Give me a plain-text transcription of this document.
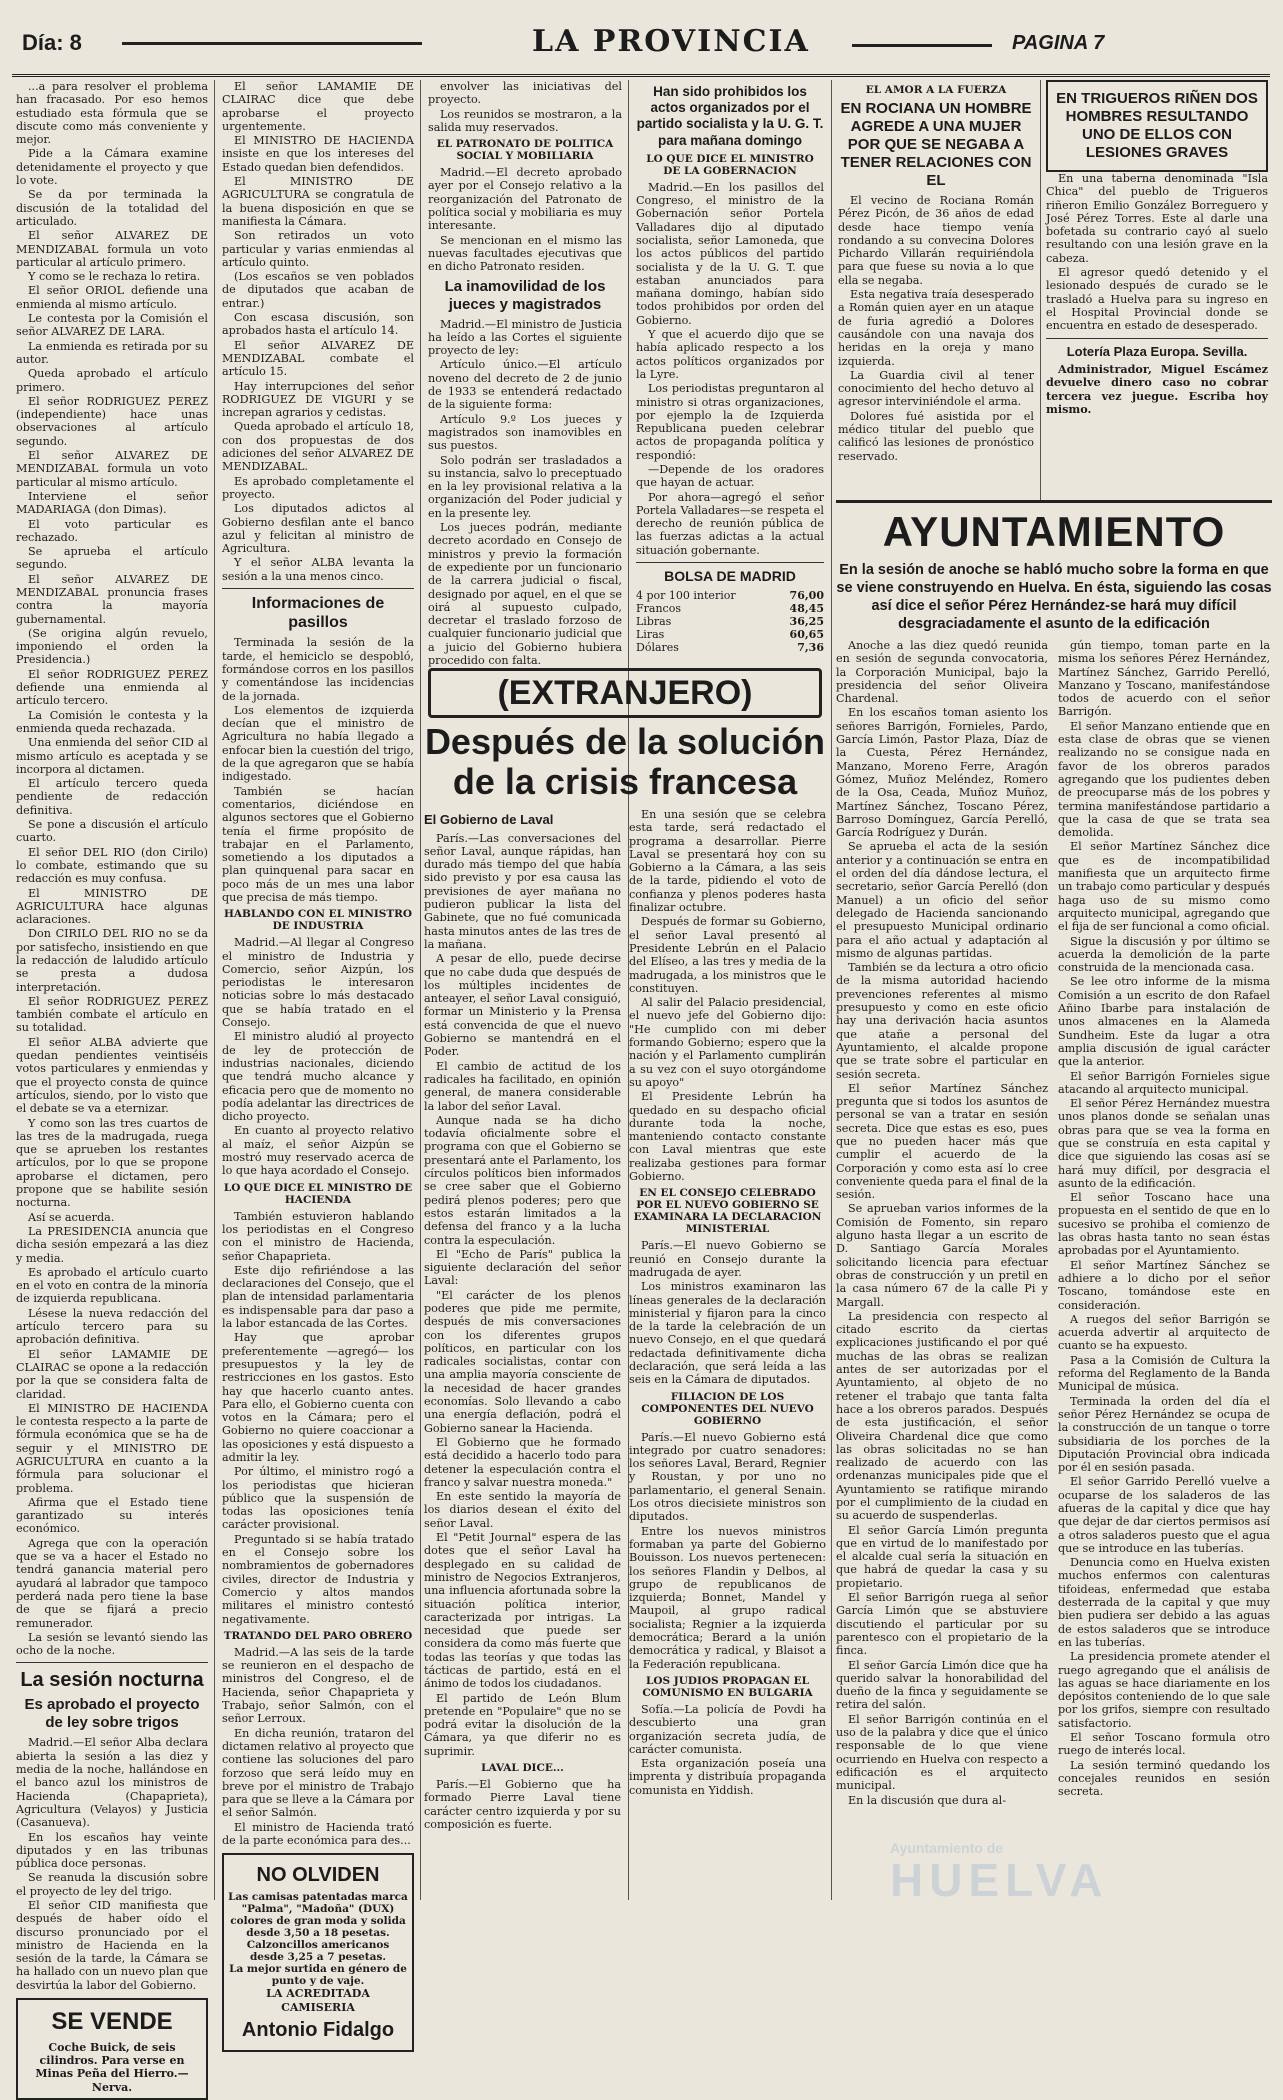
Día: 8	LA PROVINCIA	PAGINA 7

...a para resolver el problema han fracasado. Por eso hemos estudiado esta fórmula que se discute como más conveniente y mejor.

Pide a la Cámara examine detenidamente el proyecto y que lo vote.

Se da por terminada la discusión de la totalidad del articulado.

El señor ALVAREZ DE MENDIZABAL formula un voto particular al artículo primero.

Y como se le rechaza lo retira.

El señor ORIOL defiende una enmienda al mismo artículo.

Le contesta por la Comisión el señor ALVAREZ DE LARA.

La enmienda es retirada por su autor.

Queda aprobado el artículo primero.

El señor RODRIGUEZ PEREZ (independiente) hace unas observaciones al artículo segundo.

El señor ALVAREZ DE MENDIZABAL formula un voto particular al mismo artículo.

Interviene el señor MADARIAGA (don Dimas).

El voto particular es rechazado.

Se aprueba el artículo segundo.

El señor ALVAREZ DE MENDIZABAL pronuncia frases contra la mayoría gubernamental.

(Se origina algún revuelo, imponiendo el orden la Presidencia.)

El señor RODRIGUEZ PEREZ defiende una enmienda al artículo tercero.

La Comisión le contesta y la enmienda queda rechazada.

Una enmienda del señor CID al mismo artículo es aceptada y se incorpora al dictamen.

El artículo tercero queda pendiente de redacción definitiva.

Se pone a discusión el artículo cuarto.

El señor DEL RIO (don Cirilo) lo combate, estimando que su redacción es muy confusa.

El MINISTRO DE AGRICULTURA hace algunas aclaraciones.

Don CIRILO DEL RIO no se da por satisfecho, insistiendo en que la redacción de laludido artículo se presta a dudosa interpretación.

El señor RODRIGUEZ PEREZ también combate el artículo en su totalidad.

El señor ALBA advierte que quedan pendientes veintiséis votos particulares y enmiendas y que el proyecto consta de quince artículos, siendo, por lo visto que el debate se va a eternizar.

Y como son las tres cuartos de las tres de la madrugada, ruega que se aprueben los restantes artículos, por lo que se propone aprobarse el dictamen, pero propone que se habilite sesión nocturna.

Así se acuerda.

La PRESIDENCIA anuncia que dicha sesión empezará a las diez y media.

Es aprobado el artículo cuarto en el voto en contra de la minoría de izquierda republicana.

Lésese la nueva redacción del artículo tercero para su aprobación definitiva.

El señor LAMAMIE DE CLAIRAC se opone a la redacción por la que se considera falta de claridad.

El MINISTRO DE HACIENDA le contesta respecto a la parte de fórmula económica que se ha de seguir y el MINISTRO DE AGRICULTURA en cuanto a la fórmula para solucionar el problema.

Afirma que el Estado tiene garantizado su interés económico.

Agrega que con la operación que se va a hacer el Estado no tendrá ganancia material pero ayudará al labrador que tampoco perderá nada pero tiene la base de que se fijará a precio remunerador.

La sesión se levantó siendo las ocho de la noche.

La sesión nocturna
Es aprobado el proyecto de ley sobre trigos

Madrid.—El señor Alba declara abierta la sesión a las diez y media de la noche, hallándose en el banco azul los ministros de Hacienda (Chapaprieta), Agricultura (Velayos) y Justicia (Casanueva).

En los escaños hay veinte diputados y en las tribunas pública doce personas.

Se reanuda la discusión sobre el proyecto de ley del trigo.

El señor CID manifiesta que después de haber oído el discurso pronunciado por el ministro de Hacienda en la sesión de la tarde, la Cámara se ha hallado con un nuevo plan que desvirtúa la labor del Gobierno.

SE VENDE
Coche Buick, de seis cilindros. Para verse en Minas Peña del Hierro.—Nerva.

El señor LAMAMIE DE CLAIRAC dice que debe aprobarse el proyecto urgentemente.

El MINISTRO DE HACIENDA insiste en que los intereses del Estado quedan bien defendidos.

El MINISTRO DE AGRICULTURA se congratula de la buena disposición en que se manifiesta la Cámara.

Son retirados un voto particular y varias enmiendas al artículo quinto.

(Los escaños se ven poblados de diputados que acaban de entrar.)

Con escasa discusión, son aprobados hasta el artículo 14.

El señor ALVAREZ DE MENDIZABAL combate el artículo 15.

Hay interrupciones del señor RODRIGUEZ DE VIGURI y se increpan agrarios y cedistas.

Queda aprobado el artículo 18, con dos propuestas de dos adiciones del señor ALVAREZ DE MENDIZABAL.

Es aprobado completamente el proyecto.

Los diputados adictos al Gobierno desfilan ante el banco azul y felicitan al ministro de Agricultura.

Y el señor ALBA levanta la sesión a la una menos cinco.

Informaciones de pasillos

Terminada la sesión de la tarde, el hemiciclo se despobló, formándose corros en los pasillos y comentándose las incidencias de la jornada.

Los elementos de izquierda decían que el ministro de Agricultura no había llegado a enfocar bien la cuestión del trigo, de la que agregaron que se había indigestado.

También se hacían comentarios, diciéndose en algunos sectores que el Gobierno tenía el firme propósito de trabajar en el Parlamento, sometiendo a los diputados a plan quinquenal para sacar en poco más de un mes una labor que precisa de más tiempo.

HABLANDO CON EL MINISTRO DE INDUSTRIA

Madrid.—Al llegar al Congreso el ministro de Industria y Comercio, señor Aizpún, los periodistas le interesaron noticias sobre lo más destacado que se había tratado en el Consejo.

El ministro aludió al proyecto de ley de protección de industrias nacionales, diciendo que tendrá mucho alcance y eficacia pero que de momento no podía adelantar las directrices de dicho proyecto.

En cuanto al proyecto relativo al maíz, el señor Aizpún se mostró muy reservado acerca de lo que haya acordado el Consejo.

LO QUE DICE EL MINISTRO DE HACIENDA

También estuvieron hablando los periodistas en el Congreso con el ministro de Hacienda, señor Chapaprieta.

Este dijo refiriéndose a las declaraciones del Consejo, que el plan de intensidad parlamentaria es indispensable para dar paso a la labor estancada de las Cortes.

Hay que aprobar preferentemente —agregó— los presupuestos y la ley de restricciones en los gastos. Esto hay que hacerlo cuanto antes. Para ello, el Gobierno cuenta con votos en la Cámara; pero el Gobierno no quiere coaccionar a las oposiciones y está dispuesto a admitir la ley.

Por último, el ministro rogó a los periodistas que hicieran público que la suspensión de todas las oposiciones tenía carácter provisional.

Preguntado si se había tratado en el Consejo sobre los nombramientos de gobernadores civiles, director de Industria y Comercio y altos mandos militares el ministro contestó negativamente.

TRATANDO DEL PARO OBRERO

Madrid.—A las seis de la tarde se reunieron en el despacho de ministros del Congreso, el de Hacienda, señor Chapaprieta y Trabajo, señor Salmón, con el señor Lerroux.

En dicha reunión, trataron del dictamen relativo al proyecto que contiene las soluciones del paro forzoso que será leído muy en breve por el ministro de Trabajo para que se lleve a la Cámara por el señor Salmón.

El ministro de Hacienda trató de la parte económica para des...

NO OLVIDEN
Las camisas patentadas marca "Palma", "Madoña" (DUX) colores de gran moda y solida desde 3,50 a 18 pesetas.
Calzoncillos americanos desde 3,25 a 7 pesetas.
La mejor surtida en género de punto y de vaje.
LA ACREDITADA CAMISERIA
Antonio Fidalgo

envolver las iniciativas del proyecto.

Los reunidos se mostraron, a la salida muy reservados.

EL PATRONATO DE POLITICA SOCIAL Y MOBILIARIA

Madrid.—El decreto aprobado ayer por el Consejo relativo a la reorganización del Patronato de política social y mobiliaria es muy interesante.

Se mencionan en el mismo las nuevas facultades ejecutivas que en dicho Patronato residen.

La inamovilidad de los jueces y magistrados

Madrid.—El ministro de Justicia ha leído a las Cortes el siguiente proyecto de ley:

Artículo único.—El artículo noveno del decreto de 2 de junio de 1933 se entenderá redactado de la siguiente forma:

Artículo 9.º Los jueces y magistrados son inamovibles en sus puestos.

Solo podrán ser trasladados a su instancia, salvo lo preceptuado en la ley provisional relativa a la organización del Poder judicial y en la presente ley.

Los jueces podrán, mediante decreto acordado en Consejo de ministros y previo la formación de expediente por un funcionario de la carrera judicial o fiscal, designado por aquel, en el que se oirá al supuesto culpado, decretar el traslado forzoso de cualquier funcionario judicial que a juicio del Gobierno hubiera procedido con falta.

Han sido prohibidos los actos organizados por el partido socialista y la U. G. T. para mañana domingo
LO QUE DICE EL MINISTRO DE LA GOBERNACION

Madrid.—En los pasillos del Congreso, el ministro de la Gobernación señor Portela Valladares dijo al diputado socialista, señor Lamoneda, que los actos públicos del partido socialista y de la U. G. T. que estaban anunciados para mañana domingo, habían sido todos prohibidos por orden del Gobierno.

Y que el acuerdo dijo que se había aplicado respecto a los actos políticos organizados por la Lyre.

Los periodistas preguntaron al ministro si otras organizaciones, por ejemplo la de Izquierda Republicana pueden celebrar actos de propaganda política y respondió:

—Depende de los oradores que hayan de actuar.

Por ahora—agregó el señor Portela Valladares—se respeta el derecho de reunión pública de las fuerzas adictas a la actual situación gobernante.

BOLSA DE MADRID
4 por 100 interior	76,00
Francos	48,45
Libras	36,25
Liras	60,65
Dólares	7,36
(EXTRANJERO)
Después de la solución de la crisis francesa
El Gobierno de Laval

París.—Las conversaciones del señor Laval, aunque rápidas, han durado más tiempo del que había sido previsto y por esa causa las previsiones de ayer mañana no pudieron publicar la lista del Gabinete, que no fué comunicada hasta minutos antes de las tres de la mañana.

A pesar de ello, puede decirse que no cabe duda que después de los múltiples incidentes de anteayer, el señor Laval consiguió, formar un Ministerio y la Prensa está convencida de que el nuevo Gobierno se mantendrá en el Poder.

El cambio de actitud de los radicales ha facilitado, en opinión general, de manera considerable la labor del señor Laval.

Aunque nada se ha dicho todavía oficialmente sobre el programa con que el Gobierno se presentará ante el Parlamento, los círculos políticos bien informados se cree saber que el Gobierno pedirá plenos poderes; pero que estos estarán limitados a la defensa del franco y a la lucha contra la especulación.

El "Echo de París" publica la siguiente declaración del señor Laval:

"El carácter de los plenos poderes que pide me permite, después de mis conversaciones con los diferentes grupos políticos, en particular con los radicales socialistas, contar con una amplia mayoría consciente de la necesidad de hacer grandes economías. Solo llevando a cabo una energía deflación, podrá el Gobierno sanear la Hacienda.

El Gobierno que he formado está decidido a hacerlo todo para detener la especulación contra el franco y salvar nuestra moneda."

En este sentido la mayoría de los diarios desean el éxito del señor Laval.

El "Petit Journal" espera de las dotes que el señor Laval ha desplegado en su calidad de ministro de Negocios Extranjeros, una influencia afortunada sobre la situación política interior, caracterizada por intrigas. La necesidad que puede ser considera da como más fuerte que todas las teorías y que todas las tácticas de partido, está en el ánimo de todos los ciudadanos.

El partido de León Blum pretende en "Populaire" que no se podrá evitar la disolución de la Cámara, ya que diferir no es suprimir.

LAVAL DICE...

París.—El Gobierno que ha formado Pierre Laval tiene carácter centro izquierda y por su composición es fuerte.

En una sesión que se celebra esta tarde, será redactado el programa a desarrollar. Pierre Laval se presentará hoy con su Gobierno a la Cámara, a las seis de la tarde, pidiendo el voto de confianza y plenos poderes hasta finalizar octubre.

Después de formar su Gobierno, el señor Laval presentó al Presidente Lebrún en el Palacio del Elíseo, a las tres y media de la madrugada, a los ministros que le constituyen.

Al salir del Palacio presidencial, el nuevo jefe del Gobierno dijo: "He cumplido con mi deber formando Gobierno; espero que la nación y el Parlamento cumplirán a su vez con el suyo otorgándome su apoyo"

El Presidente Lebrún ha quedado en su despacho oficial durante toda la noche, manteniendo contacto constante con Laval mientras que este realizaba gestiones para formar Gobierno.

EN EL CONSEJO CELEBRADO POR EL NUEVO GOBIERNO SE EXAMINARA LA DECLARACION MINISTERIAL

París.—El nuevo Gobierno se reunió en Consejo durante la madrugada de ayer.

Los ministros examinaron las líneas generales de la declaración ministerial y fijaron para la cinco de la tarde la celebración de un nuevo Consejo, en el que quedará redactada definitivamente dicha declaración, que será leída a las seis en la Cámara de diputados.

FILIACION DE LOS COMPONENTES DEL NUEVO GOBIERNO

París.—El nuevo Gobierno está integrado por cuatro senadores: los señores Laval, Berard, Regnier y Roustan, y por uno no parlamentario, el general Senain. Los otros diecisiete ministros son diputados.

Entre los nuevos ministros formaban ya parte del Gobierno Bouisson. Los nuevos pertenecen: los señores Flandin y Delbos, al grupo de republicanos de izquierda; Bonnet, Mandel y Maupoil, al grupo radical socialista; Regnier a la izquierda democrática; Berard a la unión democrática y radical, y Blaisot a la Federación republicana.

LOS JUDIOS PROPAGAN EL COMUNISMO EN BULGARIA

Sofía.—La policía de Povdi ha descubierto una gran organización secreta judía, de carácter comunista.

Esta organización poseía una imprenta y distribuía propaganda comunista en Yiddish.

EL AMOR A LA FUERZA
EN ROCIANA UN HOMBRE AGREDE A UNA MUJER POR QUE SE NEGABA A TENER RELACIONES CON EL

El vecino de Rociana Román Pérez Picón, de 36 años de edad desde hace tiempo venía rondando a su convecina Dolores Pichardo Villarán requiriéndola para que fuese su novia a lo que ella se negaba.

Esta negativa traía desesperado a Román quien ayer en un ataque de furia agredió a Dolores causándole con una navaja dos heridas en la oreja y mano izquierda.

La Guardia civil al tener conocimiento del hecho detuvo al agresor interviniéndole el arma.

Dolores fué asistida por el médico titular del pueblo que calificó las lesiones de pronóstico reservado.

EN TRIGUEROS RIÑEN DOS HOMBRES RESULTANDO UNO DE ELLOS CON LESIONES GRAVES

En una taberna denominada "Isla Chica" del pueblo de Trigueros riñeron Emilio González Borreguero y José Pérez Torres. Este al darle una bofetada su contrario cayó al suelo resultando con una lesión grave en la cabeza.

El agresor quedó detenido y el lesionado después de curado se le trasladó a Huelva para su ingreso en el Hospital Provincial donde se encuentra en estado de desesperado.

Lotería Plaza Europa. Sevilla.

Administrador, Miguel Escámez devuelve dinero caso no cobrar tercera vez juegue. Escriba hoy mismo.

AYUNTAMIENTO
En la sesión de anoche se habló mucho sobre la forma en que se viene construyendo en Huelva. En ésta, siguiendo las cosas así dice el señor Pérez Hernández-se hará muy difícil desgraciadamente el asunto de la edificación

Anoche a las diez quedó reunida en sesión de segunda convocatoria, la Corporación Municipal, bajo la presidencia del señor Oliveira Chardenal.

En los escaños toman asiento los señores Barrigón, Fornieles, Pardo, García Limón, Pastor Plaza, Díaz de la Cuesta, Pérez Hernández, Manzano, Moreno Ferre, Aragón Gómez, Muñoz Meléndez, Romero de la Osa, Ceada, Muñoz Muñoz, Martínez Sánchez, Toscano Pérez, Barroso Domínguez, García Perelló, García Rodríguez y Durán.

Se aprueba el acta de la sesión anterior y a continuación se entra en el orden del día dándose lectura, el secretario, señor García Perelló (don Manuel) a un oficio del señor delegado de Hacienda sancionando el presupuesto Municipal ordinario para el año actual y adaptación al mismo de algunas partidas.

También se da lectura a otro oficio de la misma autoridad haciendo prevenciones referentes al mismo presupuesto y como en este oficio hay una derivación hacia asuntos que atañe a personal del Ayuntamiento, el alcalde propone que se trate sobre el particular en sesión secreta.

El señor Martínez Sánchez pregunta que si todos los asuntos de personal se van a tratar en sesión secreta. Dice que estas es eso, pues que no pueden hacer más que cumplir el acuerdo de la Corporación y como esta así lo cree conveniente queda para el final de la sesión.

Se aprueban varios informes de la Comisión de Fomento, sin reparo alguno hasta llegar a un escrito de D. Santiago García Morales solicitando licencia para efectuar obras de construcción y un pretil en la casa número 67 de la calle Pi y Margall.

La presidencia con respecto al citado escrito da ciertas explicaciones justificando el por qué muchas de las obras se realizan antes de ser autorizadas por el Ayuntamiento, al objeto de no retener el trabajo que tanta falta hace a los obreros parados. Después de esta justificación, el señor Oliveira Chardenal dice que como las obras solicitadas no se han realizado de acuerdo con las ordenanzas municipales pide que el Ayuntamiento se ratifique mirando por el cumplimiento de la ciudad en su acuerdo de suspenderlas.

El señor García Limón pregunta que en virtud de lo manifestado por el alcalde cual sería la situación en que habrá de quedar la casa y su propietario.

El señor Barrigón ruega al señor García Limón que se abstuviere discutiendo el particular por su parentesco con el propietario de la finca.

El señor García Limón dice que ha querido salvar la honorabilidad del dueño de la finca y seguidamente se retira del salón.

El señor Barrigón continúa en el uso de la palabra y dice que el único responsable de lo que viene ocurriendo en Huelva con respecto a edificación es el arquitecto municipal.

En la discusión que dura al-

gún tiempo, toman parte en la misma los señores Pérez Hernández, Martínez Sánchez, Garrido Perelló, Manzano y Toscano, manifestándose todos de acuerdo con el señor Barrigón.

El señor Manzano entiende que en esta clase de obras que se vienen realizando no se consigue nada en favor de los obreros parados agregando que los pudientes deben de preocuparse más de los pobres y termina manifestándose partidario a que la casa de que se trata sea demolida.

El señor Martínez Sánchez dice que es de incompatibilidad manifiesta que un arquitecto firme un trabajo como particular y después haga uso de su mismo como arquitecto municipal, agregando que el fija de ser funcional a como oficial.

Sigue la discusión y por último se acuerda la demolición de la parte construida de la mencionada casa.

Se lee otro informe de la misma Comisión a un escrito de don Rafael Añino Ibarbe para instalación de unos almacenes en la Alameda Sundheim. Este da lugar a otra amplia discusión de igual carácter que la anterior.

El señor Barrigón Fornieles sigue atacando al arquitecto municipal.

El señor Pérez Hernández muestra unos planos donde se señalan unas obras para que se vea la forma en que se construía en esta capital y dice que siguiendo las cosas así se hará muy difícil, por desgracia el asunto de la edificación.

El señor Toscano hace una propuesta en el sentido de que en lo sucesivo se prohiba el comienzo de las obras hasta tanto no sean éstas aprobadas por el Ayuntamiento.

El señor Martínez Sánchez se adhiere a lo dicho por el señor Toscano, tomándose este en consideración.

A ruegos del señor Barrigón se acuerda advertir al arquitecto de cuanto se ha expuesto.

Pasa a la Comisión de Cultura la reforma del Reglamento de la Banda Municipal de música.

Terminada la orden del día el señor Pérez Hernández se ocupa de la construcción de un tanque o torre subsidiaria de los porches de la Diputación Provincial obra indicada por él en sesión pasada.

El señor Garrido Perelló vuelve a ocuparse de los saladeros de las afueras de la capital y dice que hay que dejar de dar ciertos permisos así a otros saladeros puesto que el agua que se introduce en las tuberías.

Denuncia como en Huelva existen muchos enfermos con calenturas tifoideas, enfermedad que estaba desterrada de la capital y que muy bien pudiera ser debido a las aguas de estos saladeros que se introduce en las tuberías.

La presidencia promete atender el ruego agregando que el análisis de las aguas se hace diariamente en los depósitos conteniendo de lo que sale por los grifos, siempre con resultado satisfactorio.

El señor Toscano formula otro ruego de interés local.

La sesión terminó quedando los concejales reunidos en sesión secreta.

Ayuntamiento de
HUELVA
